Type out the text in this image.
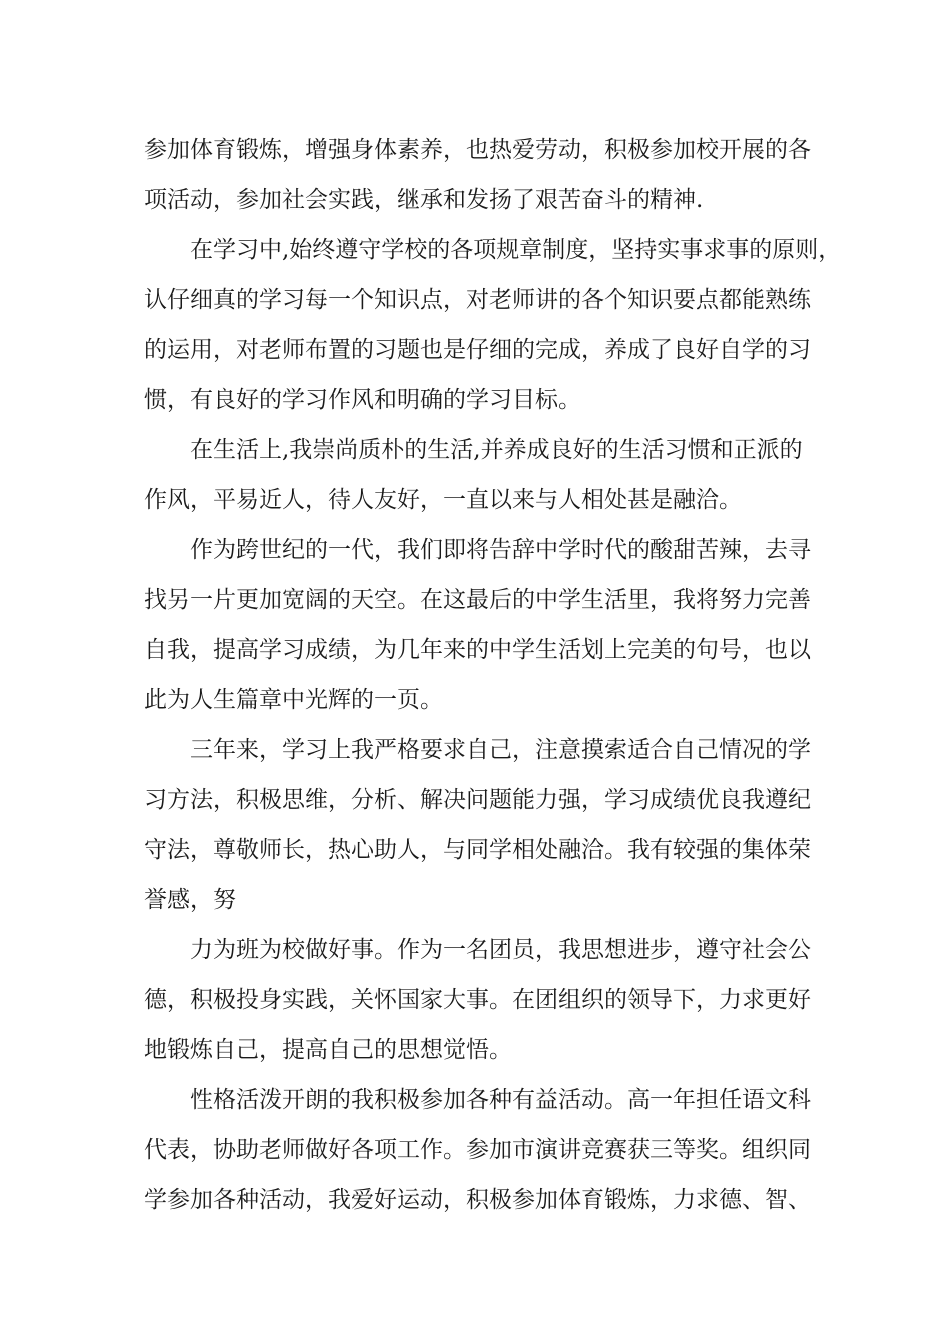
参加体育锻炼，增强身体素养，也热爱劳动，积极参加校开展的各

项活动，参加社会实践，继承和发扬了艰苦奋斗的精神.

在学习中,始终遵守学校的各项规章制度，坚持实事求事的原则，

认仔细真的学习每一个知识点，对老师讲的各个知识要点都能熟练

的运用，对老师布置的习题也是仔细的完成，养成了良好自学的习

惯，有良好的学习作风和明确的学习目标。

在生活上,我崇尚质朴的生活,并养成良好的生活习惯和正派的

作风，平易近人，待人友好，一直以来与人相处甚是融洽。

作为跨世纪的一代，我们即将告辞中学时代的酸甜苦辣，去寻

找另一片更加宽阔的天空。在这最后的中学生活里，我将努力完善

自我，提高学习成绩，为几年来的中学生活划上完美的句号，也以

此为人生篇章中光辉的一页。

三年来，学习上我严格要求自己，注意摸索适合自己情况的学

习方法，积极思维，分析、解决问题能力强，学习成绩优良我遵纪

守法，尊敬师长，热心助人，与同学相处融洽。我有较强的集体荣

誉感，努

力为班为校做好事。作为一名团员，我思想进步，遵守社会公

德，积极投身实践，关怀国家大事。在团组织的领导下，力求更好

地锻炼自己，提高自己的思想觉悟。

性格活泼开朗的我积极参加各种有益活动。高一年担任语文科

代表，协助老师做好各项工作。参加市演讲竞赛获三等奖。组织同

学参加各种活动，我爱好运动，积极参加体育锻炼，力求德、智、
